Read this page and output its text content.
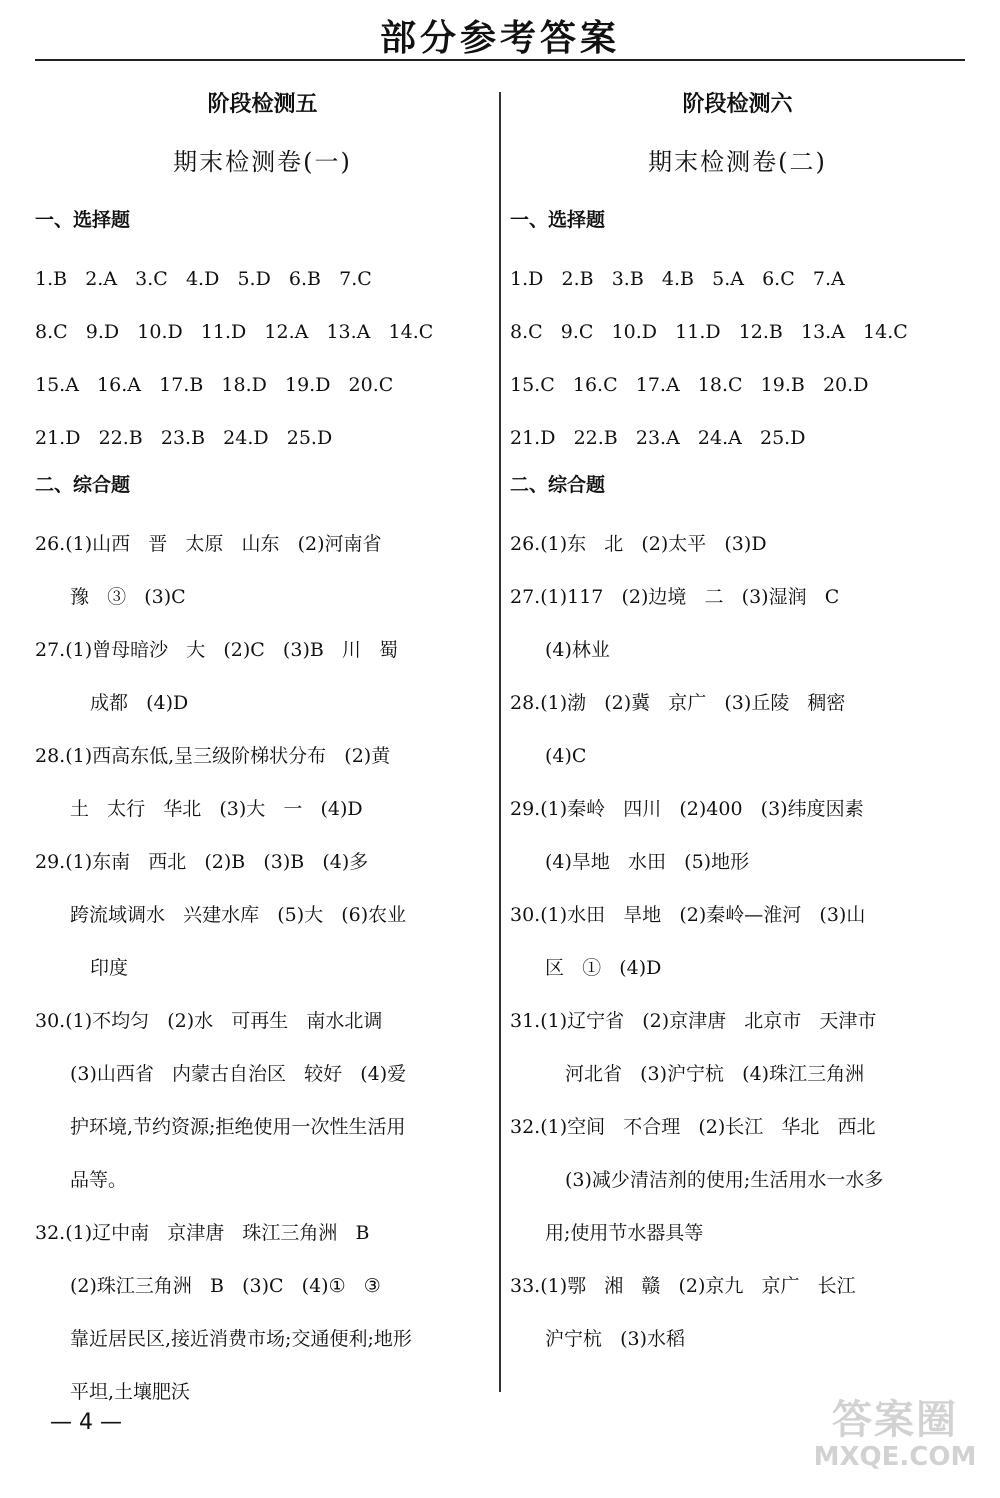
部分参考答案
阶段检测五
期末检测卷(一)
一、选择题
1.B   2.A   3.C   4.D   5.D   6.B   7.C
8.C   9.D   10.D   11.D   12.A   13.A   14.C
15.A   16.A   17.B   18.D   19.D   20.C
21.D   22.B   23.B   24.D   25.D
二、综合题
26.(1)山西   晋   太原   山东   (2)河南省
豫   ③   (3)C
27.(1)曾母暗沙   大   (2)C   (3)B   川   蜀
成都   (4)D
28.(1)西高东低,呈三级阶梯状分布   (2)黄
土   太行   华北   (3)大   一   (4)D
29.(1)东南   西北   (2)B   (3)B   (4)多
跨流域调水   兴建水库   (5)大   (6)农业
印度
30.(1)不均匀   (2)水   可再生   南水北调
(3)山西省   内蒙古自治区   较好   (4)爱
护环境,节约资源;拒绝使用一次性生活用
品等。
32.(1)辽中南   京津唐   珠江三角洲   B
(2)珠江三角洲   B   (3)C   (4)①   ③
靠近居民区,接近消费市场;交通便利;地形
平坦,土壤肥沃
阶段检测六
期末检测卷(二)
一、选择题
1.D   2.B   3.B   4.B   5.A   6.C   7.A
8.C   9.C   10.D   11.D   12.B   13.A   14.C
15.C   16.C   17.A   18.C   19.B   20.D
21.D   22.B   23.A   24.A   25.D
二、综合题
26.(1)东   北   (2)太平   (3)D
27.(1)117   (2)边境   二   (3)湿润   C
(4)林业
28.(1)渤   (2)冀   京广   (3)丘陵   稠密
(4)C
29.(1)秦岭   四川   (2)400   (3)纬度因素
(4)旱地   水田   (5)地形
30.(1)水田   旱地   (2)秦岭—淮河   (3)山
区   ①   (4)D
31.(1)辽宁省   (2)京津唐   北京市   天津市
河北省   (3)沪宁杭   (4)珠江三角洲
32.(1)空间   不合理   (2)长江   华北   西北
(3)减少清洁剂的使用;生活用水一水多
用;使用节水器具等
33.(1)鄂   湘   赣   (2)京九   京广   长江
沪宁杭   (3)水稻
— 4 —	答案圈
MXQE.COM
